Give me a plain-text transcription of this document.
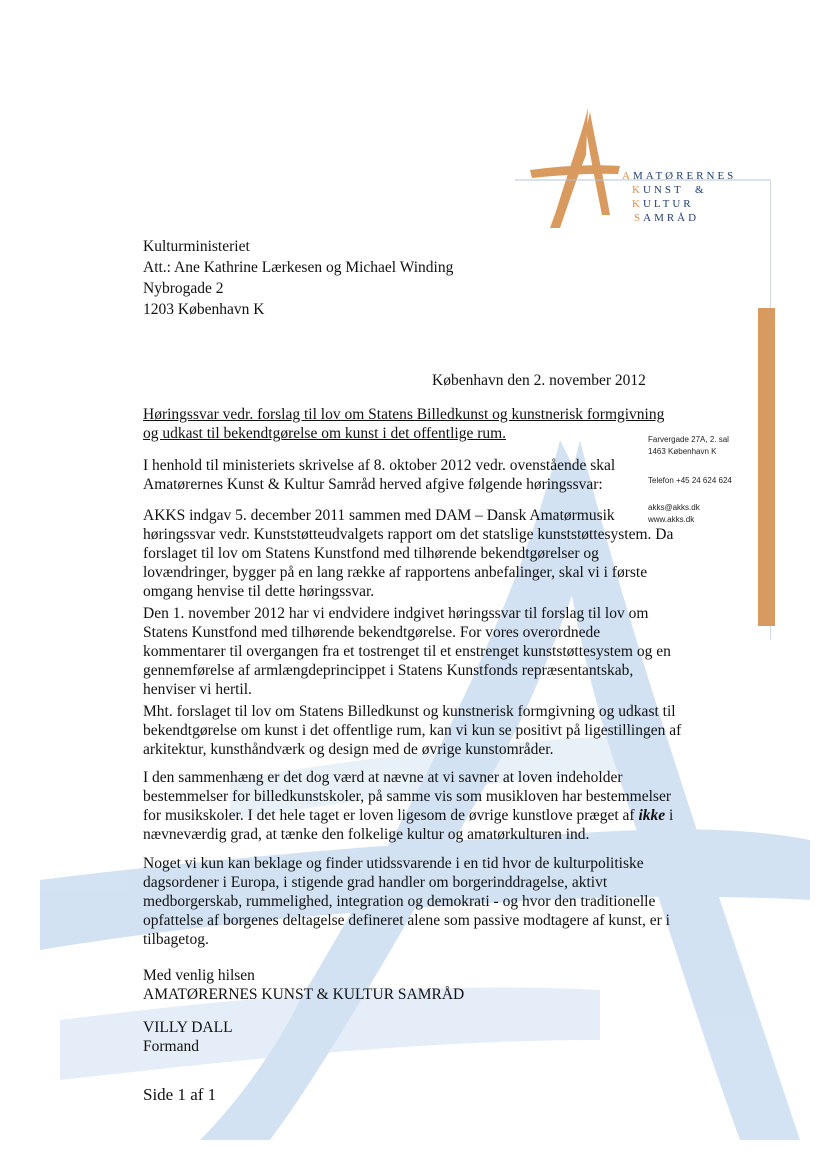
AMATØRERNES
KUNST  &
KULTUR
SAMRÅD
Kulturministeriet
Att.: Ane Kathrine Lærkesen og Michael Winding
Nybrogade 2
1203 København K
København den 2. november 2012
Høringssvar vedr. forslag til lov om Statens Billedkunst og kunstnerisk formgivning
og udkast til bekendtgørelse om kunst i det offentlige rum.	Farvergade 27A, 2. sal
1463 København K
Telefon +45 24 624 624
akks@akks.dk
www.akks.dk
I henhold til ministeriets skrivelse af 8. oktober 2012 vedr. ovenstående skal
Amatørernes Kunst & Kultur Samråd herved afgive følgende høringssvar:
AKKS indgav 5. december 2011 sammen med DAM – Dansk Amatørmusik
høringssvar vedr. Kunststøtteudvalgets rapport om det statslige kunststøttesystem. Da
forslaget til lov om Statens Kunstfond med tilhørende bekendtgørelser og
lovændringer, bygger på en lang række af rapportens anbefalinger, skal vi i første
omgang henvise til dette høringssvar.
Den 1. november 2012 har vi endvidere indgivet høringssvar til forslag til lov om
Statens Kunstfond med tilhørende bekendtgørelse. For vores overordnede
kommentarer til overgangen fra et tostrenget til et enstrenget kunststøttesystem og en
gennemførelse af armlængdeprincippet i Statens Kunstfonds repræsentantskab,
henviser vi hertil.
Mht. forslaget til lov om Statens Billedkunst og kunstnerisk formgivning og udkast til
bekendtgørelse om kunst i det offentlige rum, kan vi kun se positivt på ligestillingen af
arkitektur, kunsthåndværk og design med de øvrige kunstområder.
I den sammenhæng er det dog værd at nævne at vi savner at loven indeholder
bestemmelser for billedkunstskoler, på samme vis som musikloven har bestemmelser
for musikskoler. I det hele taget er loven ligesom de øvrige kunstlove præget af ikke i
nævneværdig grad, at tænke den folkelige kultur og amatørkulturen ind.
Noget vi kun kan beklage og finder utidssvarende i en tid hvor de kulturpolitiske
dagsordener i Europa, i stigende grad handler om borgerinddragelse, aktivt
medborgerskab, rummelighed, integration og demokrati - og hvor den traditionelle
opfattelse af borgenes deltagelse defineret alene som passive modtagere af kunst, er i
tilbagetog.
Med venlig hilsen
AMATØRERNES KUNST & KULTUR SAMRÅD
VILLY DALL
Formand
Side 1 af 1
